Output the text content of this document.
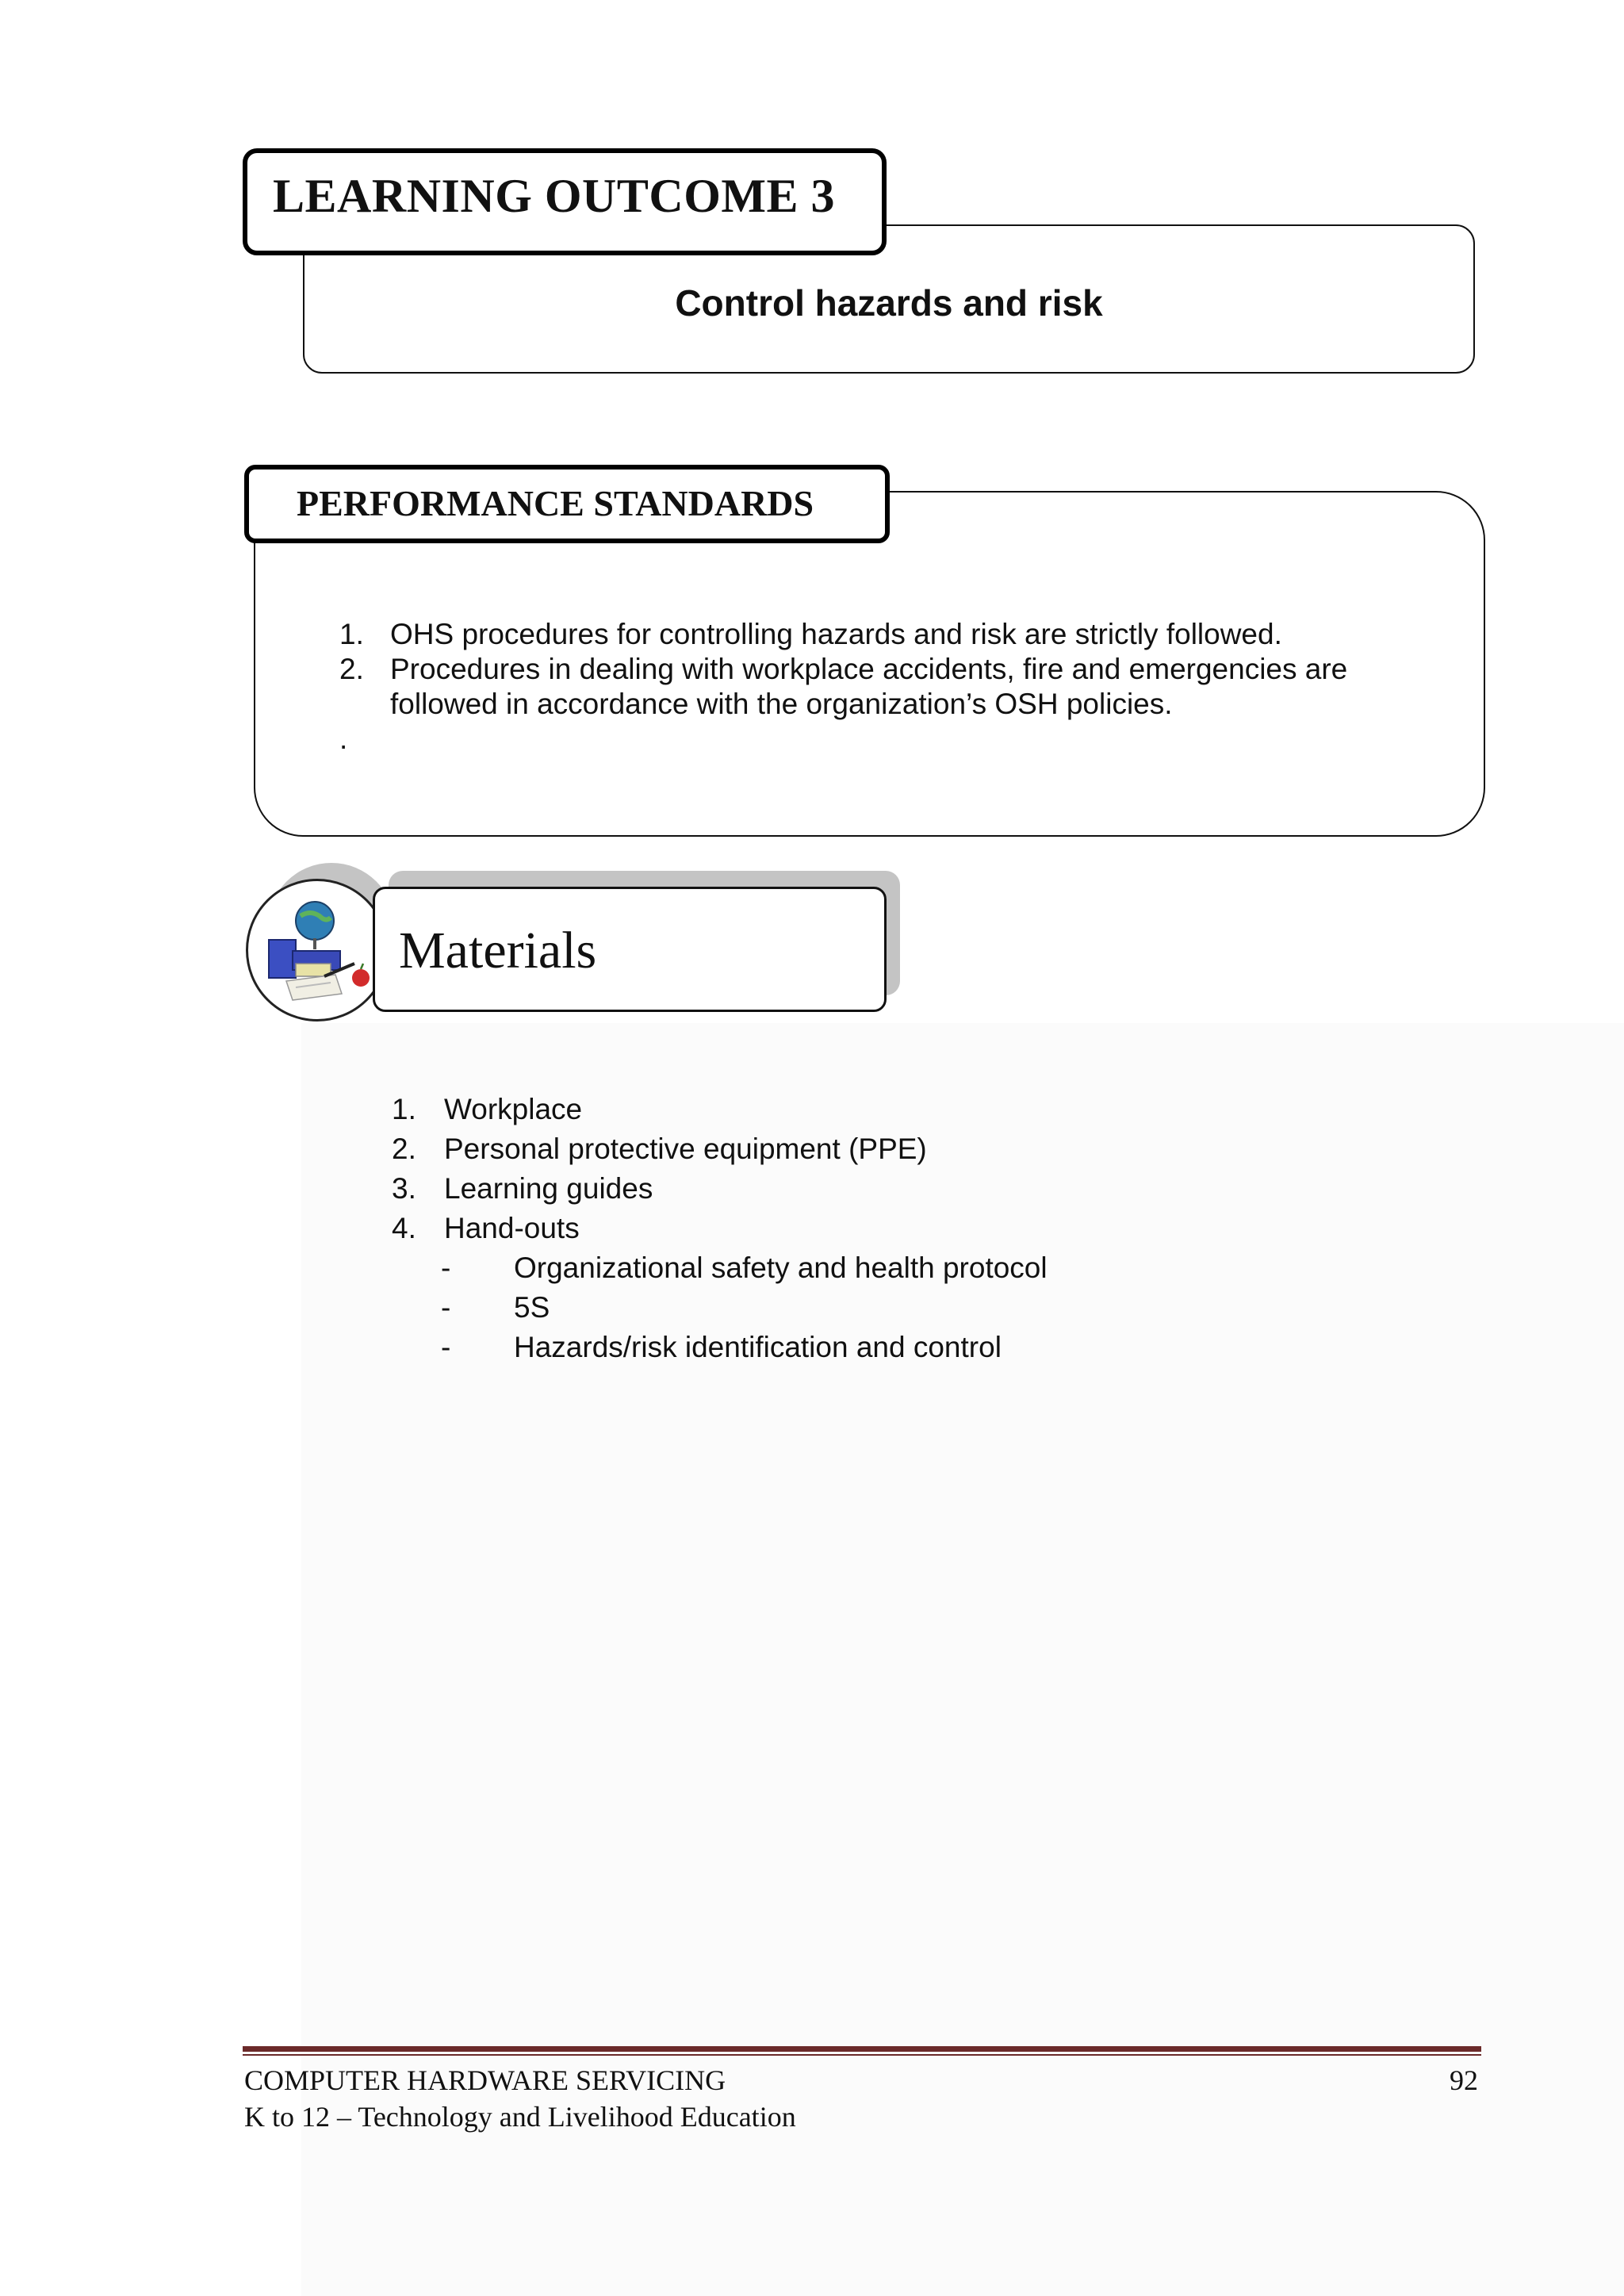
LEARNING OUTCOME 3
Control hazards and risk
PERFORMANCE STANDARDS
1. OHS procedures for controlling hazards and risk are strictly followed.
2. Procedures in dealing with workplace accidents, fire and emergencies are followed in accordance with the organization’s OSH policies.
.
Materials
1. Workplace
2. Personal protective equipment (PPE)
3. Learning guides
4. Hand-outs
-	Organizational safety and health protocol
-	5S
-	Hazards/risk identification and control
COMPUTER HARDWARE SERVICING
K to 12 – Technology and Livelihood Education
92
